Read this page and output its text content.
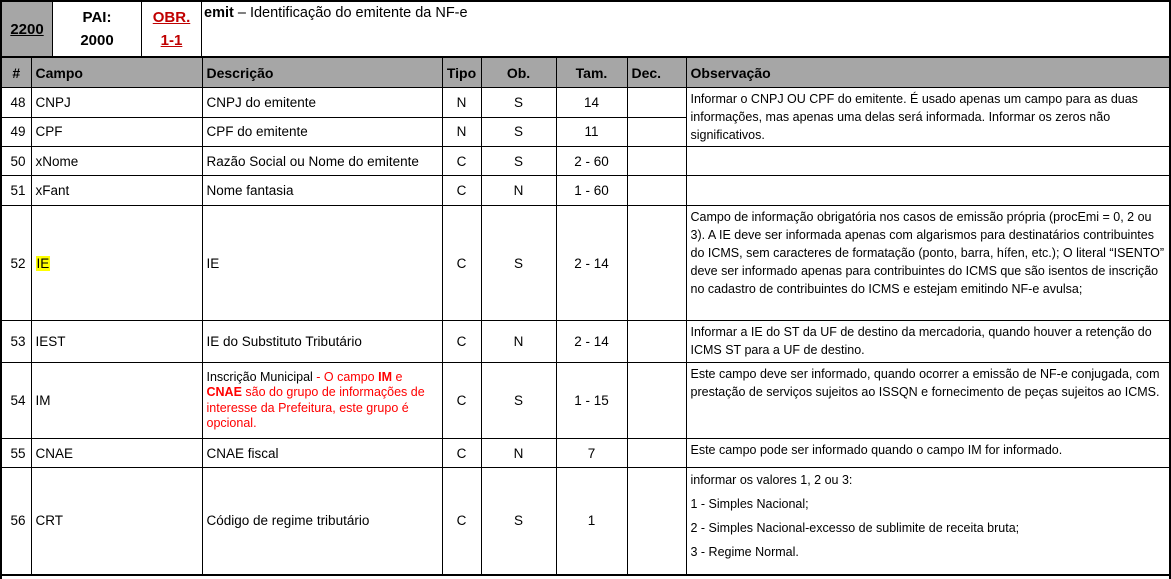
2200
PAI:
2000
OBR.
1-1
emit – Identificação do emitente da NF-e
#	Campo	Descrição	Tipo	Ob.	Tam.	Dec.	Observação
48	CNPJ	CNPJ do emitente	N	S	14		Informar o CNPJ OU CPF do emitente. É usado apenas um campo para as duas informações, mas apenas uma delas será informada. Informar os zeros não significativos.
49	CPF	CPF do emitente	N	S	11		
50	xNome	Razão Social ou Nome do emitente	C	S	2 - 60		
51	xFant	Nome fantasia	C	N	1 - 60		
52	IE	IE	C	S	2 - 14		Campo de informação obrigatória nos casos de emissão própria (procEmi = 0, 2 ou 3). A IE deve ser informada apenas com algarismos para destinatários contribuintes do ICMS, sem caracteres de formatação (ponto, barra, hífen, etc.); O literal “ISENTO” deve ser informado apenas para contribuintes do ICMS que são isentos de inscrição no cadastro de contribuintes do ICMS e estejam emitindo NF-e avulsa;
53	IEST	IE do Substituto Tributário	C	N	2 - 14		Informar a IE do ST da UF de destino da mercadoria, quando houver a retenção do ICMS ST para a UF de destino.
54	IM	Inscrição Municipal - O campo IM e CNAE são do grupo de informações de interesse da Prefeitura, este grupo é opcional.	C	S	1 - 15		Este campo deve ser informado, quando ocorrer a emissão de NF-e conjugada, com prestação de serviços sujeitos ao ISSQN e fornecimento de peças sujeitos ao ICMS.
55	CNAE	CNAE fiscal	C	N	7		Este campo pode ser informado quando o campo IM for informado.
56	CRT	Código de regime tributário	C	S	1		informar os valores 1, 2 ou 3:
1 - Simples Nacional;
2 - Simples Nacional-excesso de sublimite de receita bruta;
3 - Regime Normal.
